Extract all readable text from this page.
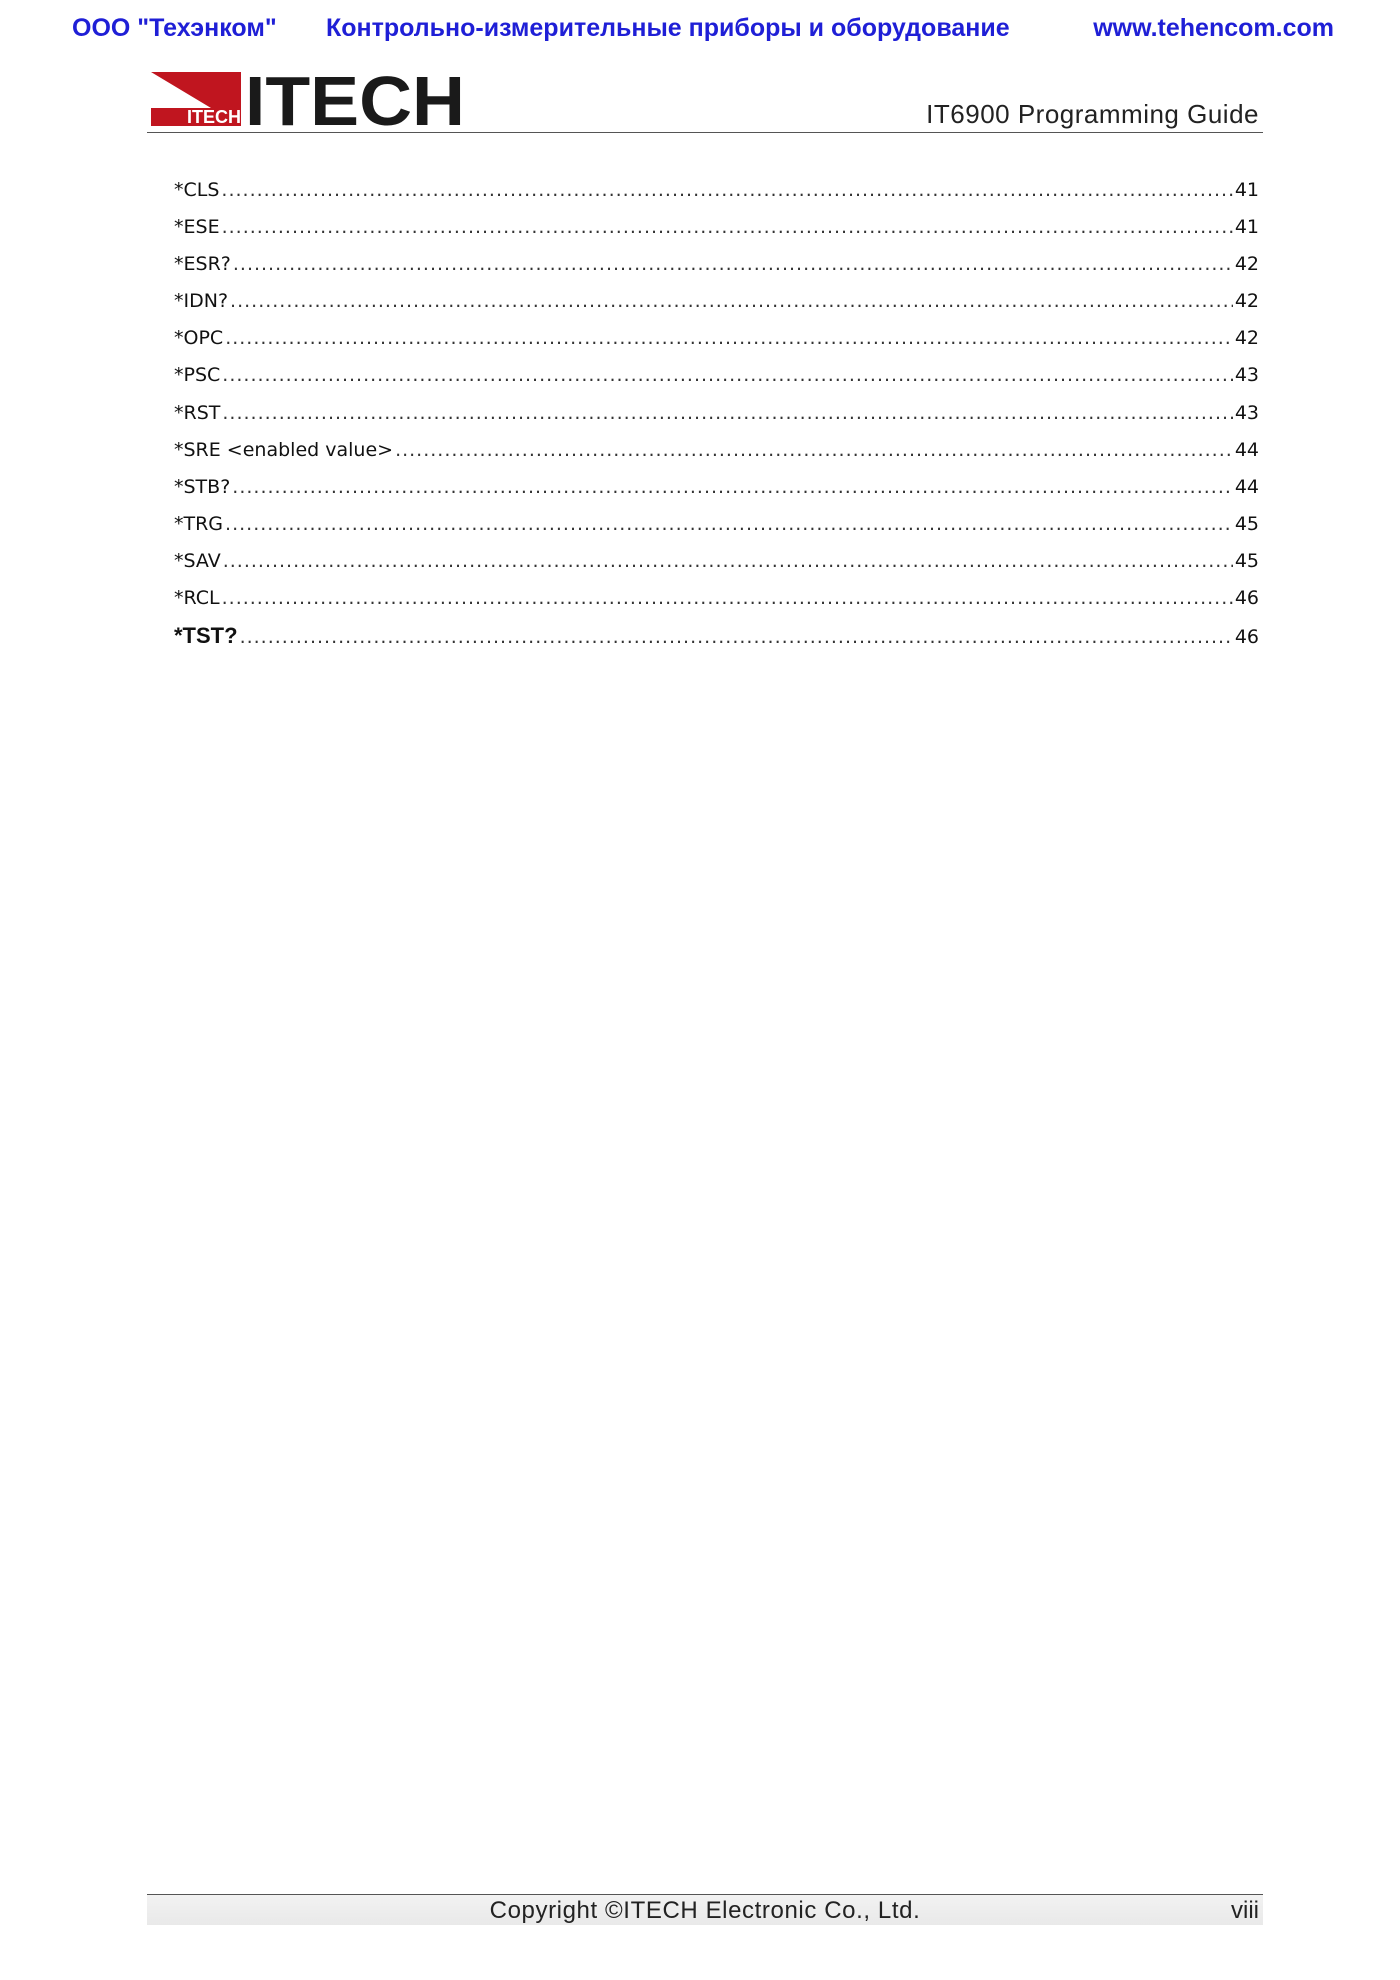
ООО "Техэнком" Контрольно-измерительные приборы и оборудование	www.tehencom.com
ITECH ITECH	IT6900 Programming Guide
*CLS .....	41
*ESE .....	41
*ESR? .....	42
*IDN? .....	42
*OPC .....	42
*PSC .....	43
*RST .....	43
*SRE <enabled value> .....	44
*STB? .....	44
*TRG .....	45
*SAV .....	45
*RCL .....	46
*TST? .....	46
Copyright ©ITECH Electronic Co., Ltd.	viii
